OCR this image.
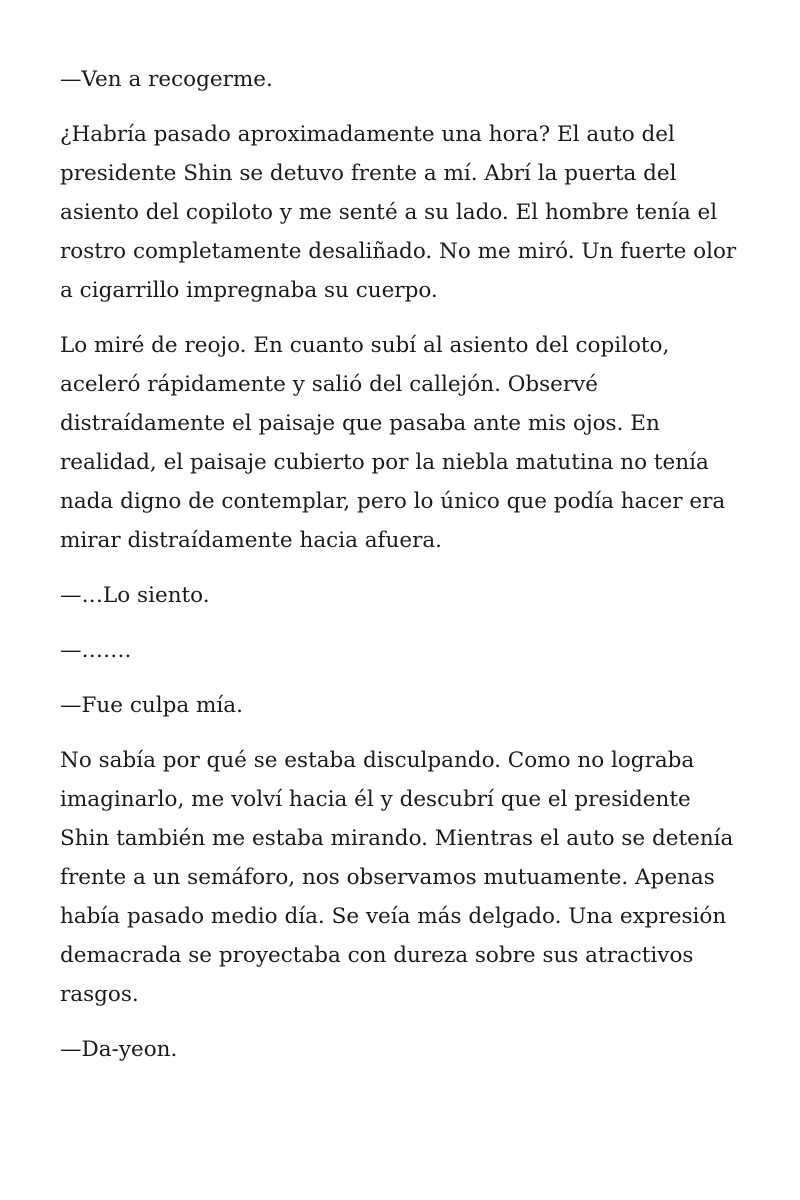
—Ven a recogerme.

¿Habría pasado aproximadamente una hora? El auto del presidente Shin se detuvo frente a mí. Abrí la puerta del asiento del copiloto y me senté a su lado. El hombre tenía el rostro completamente desaliñado. No me miró. Un fuerte olor a cigarrillo impregnaba su cuerpo.

Lo miré de reojo. En cuanto subí al asiento del copiloto, aceleró rápidamente y salió del callejón. Observé distraídamente el paisaje que pasaba ante mis ojos. En realidad, el paisaje cubierto por la niebla matutina no tenía nada digno de contemplar, pero lo único que podía hacer era mirar distraídamente hacia afuera.

—…Lo siento.

—…….

—Fue culpa mía.

No sabía por qué se estaba disculpando. Como no lograba imaginarlo, me volví hacia él y descubrí que el presidente Shin también me estaba mirando. Mientras el auto se detenía frente a un semáforo, nos observamos mutuamente. Apenas había pasado medio día. Se veía más delgado. Una expresión demacrada se proyectaba con dureza sobre sus atractivos rasgos.

—Da-yeon.
